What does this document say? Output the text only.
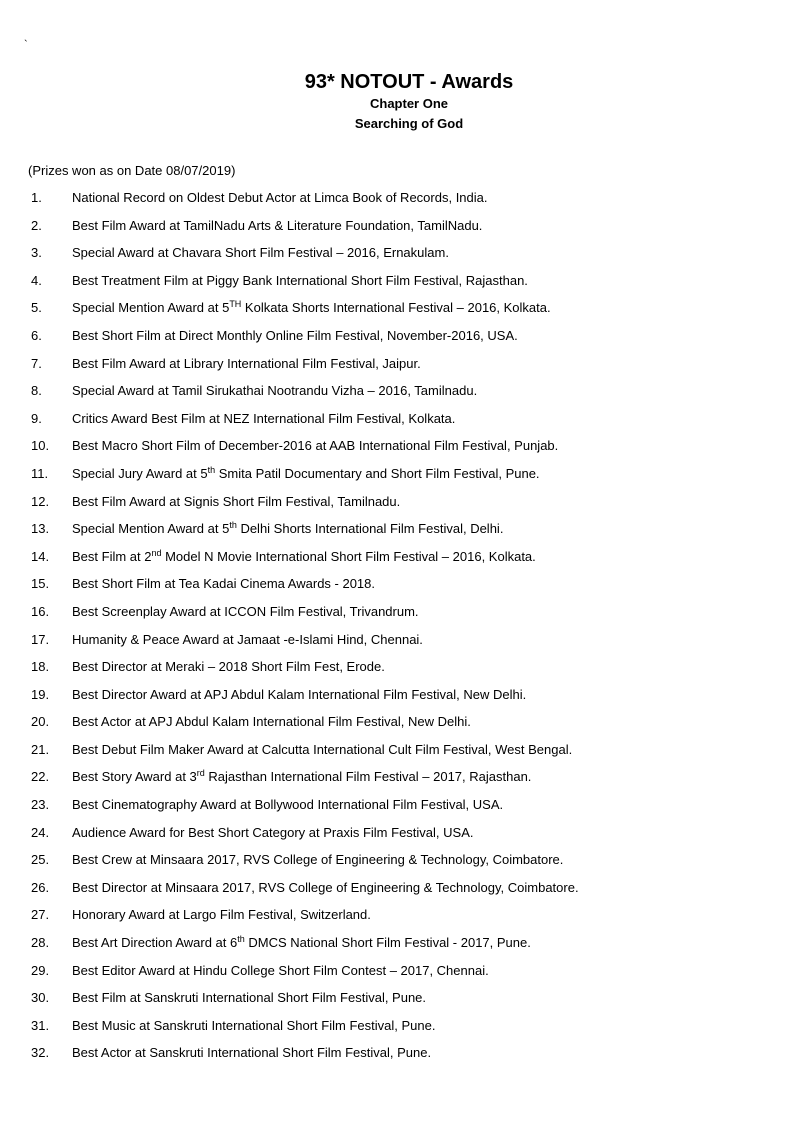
`

93* NOTOUT - Awards

Chapter One

Searching of God

(Prizes won as on Date 08/07/2019)
1. National Record on Oldest Debut Actor at Limca Book of Records, India.
2. Best Film Award at TamilNadu Arts & Literature Foundation, TamilNadu.
3. Special Award at Chavara Short Film Festival – 2016, Ernakulam.
4. Best Treatment Film at Piggy Bank International Short Film Festival, Rajasthan.
5. Special Mention Award at 5TH Kolkata Shorts International Festival – 2016, Kolkata.
6. Best Short Film at Direct Monthly Online Film Festival, November-2016, USA.
7. Best Film Award at Library International Film Festival, Jaipur.
8. Special Award at Tamil Sirukathai Nootrandu Vizha – 2016, Tamilnadu.
9. Critics Award Best Film at NEZ International Film Festival, Kolkata.
10. Best Macro Short Film of December-2016 at AAB International Film Festival, Punjab.
11. Special Jury Award at 5th Smita Patil Documentary and Short Film Festival, Pune.
12. Best Film Award at Signis Short Film Festival, Tamilnadu.
13. Special Mention Award at 5th Delhi Shorts International Film Festival, Delhi.
14. Best Film at 2nd Model N Movie International Short Film Festival – 2016, Kolkata.
15. Best Short Film at Tea Kadai Cinema Awards - 2018.
16. Best Screenplay Award at ICCON Film Festival, Trivandrum.
17. Humanity & Peace Award at Jamaat -e-Islami Hind, Chennai.
18. Best Director at Meraki – 2018 Short Film Fest, Erode.
19. Best Director Award at APJ Abdul Kalam International Film Festival, New Delhi.
20. Best Actor at APJ Abdul Kalam International Film Festival, New Delhi.
21. Best Debut Film Maker Award at Calcutta International Cult Film Festival, West Bengal.
22. Best Story Award at 3rd Rajasthan International Film Festival – 2017, Rajasthan.
23. Best Cinematography Award at Bollywood International Film Festival, USA.
24. Audience Award for Best Short Category at Praxis Film Festival, USA.
25. Best Crew at Minsaara 2017, RVS College of Engineering & Technology, Coimbatore.
26. Best Director at Minsaara 2017, RVS College of Engineering & Technology, Coimbatore.
27. Honorary Award at Largo Film Festival, Switzerland.
28. Best Art Direction Award at 6th DMCS National Short Film Festival - 2017, Pune.
29. Best Editor Award at Hindu College Short Film Contest – 2017, Chennai.
30. Best Film at Sanskruti International Short Film Festival, Pune.
31. Best Music at Sanskruti International Short Film Festival, Pune.
32. Best Actor at Sanskruti International Short Film Festival, Pune.
